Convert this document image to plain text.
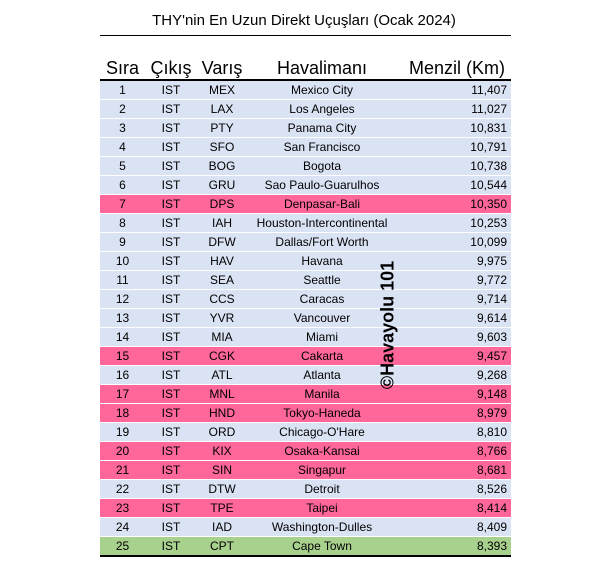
THY'nin En Uzun Direkt Uçuşları (Ocak 2024)
Sıra	Çıkış	Varış	Havalimanı	Menzil (Km)
1	IST	MEX	Mexico City	11,407
2	IST	LAX	Los Angeles	11,027
3	IST	PTY	Panama City	10,831
4	IST	SFO	San Francisco	10,791
5	IST	BOG	Bogota	10,738
6	IST	GRU	Sao Paulo-Guarulhos	10,544
7	IST	DPS	Denpasar-Bali	10,350
8	IST	IAH	Houston-Intercontinental	10,253
9	IST	DFW	Dallas/Fort Worth	10,099
10	IST	HAV	Havana	9,975
11	IST	SEA	Seattle	9,772
12	IST	CCS	Caracas	9,714
13	IST	YVR	Vancouver	9,614
14	IST	MIA	Miami	9,603
15	IST	CGK	Cakarta	9,457
16	IST	ATL	Atlanta	9,268
17	IST	MNL	Manila	9,148
18	IST	HND	Tokyo-Haneda	8,979
19	IST	ORD	Chicago-O'Hare	8,810
20	IST	KIX	Osaka-Kansai	8,766
21	IST	SIN	Singapur	8,681
22	IST	DTW	Detroit	8,526
23	IST	TPE	Taipei	8,414
24	IST	IAD	Washington-Dulles	8,409
25	IST	CPT	Cape Town	8,393
©Havayolu 101
